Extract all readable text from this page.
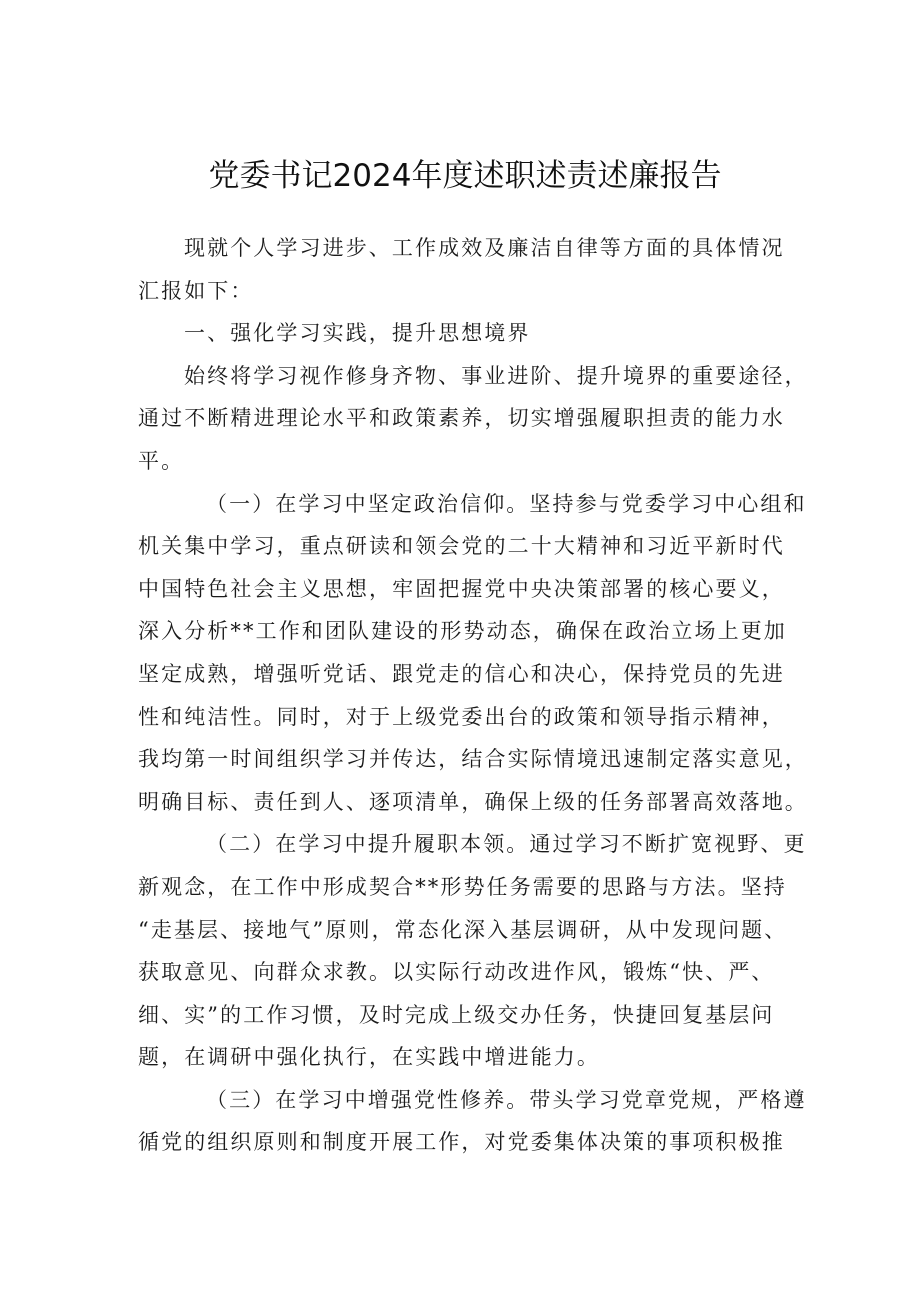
党委书记2024年度述职述责述廉报告
现就个人学习进步、工作成效及廉洁自律等方面的具体情况
汇报如下：
一、强化学习实践，提升思想境界
始终将学习视作修身齐物、事业进阶、提升境界的重要途径，
通过不断精进理论水平和政策素养，切实增强履职担责的能力水
平。
（一）在学习中坚定政治信仰。坚持参与党委学习中心组和
机关集中学习，重点研读和领会党的二十大精神和习近平新时代
中国特色社会主义思想，牢固把握党中央决策部署的核心要义，
深入分析**工作和团队建设的形势动态，确保在政治立场上更加
坚定成熟，增强听党话、跟党走的信心和决心，保持党员的先进
性和纯洁性。同时，对于上级党委出台的政策和领导指示精神，
我均第一时间组织学习并传达，结合实际情境迅速制定落实意见，
明确目标、责任到人、逐项清单，确保上级的任务部署高效落地。
（二）在学习中提升履职本领。通过学习不断扩宽视野、更
新观念，在工作中形成契合**形势任务需要的思路与方法。坚持
“走基层、接地气”原则，常态化深入基层调研，从中发现问题、
获取意见、向群众求教。以实际行动改进作风，锻炼“快、严、
细、实”的工作习惯，及时完成上级交办任务，快捷回复基层问
题，在调研中强化执行，在实践中增进能力。
（三）在学习中增强党性修养。带头学习党章党规，严格遵
循党的组织原则和制度开展工作，对党委集体决策的事项积极推
